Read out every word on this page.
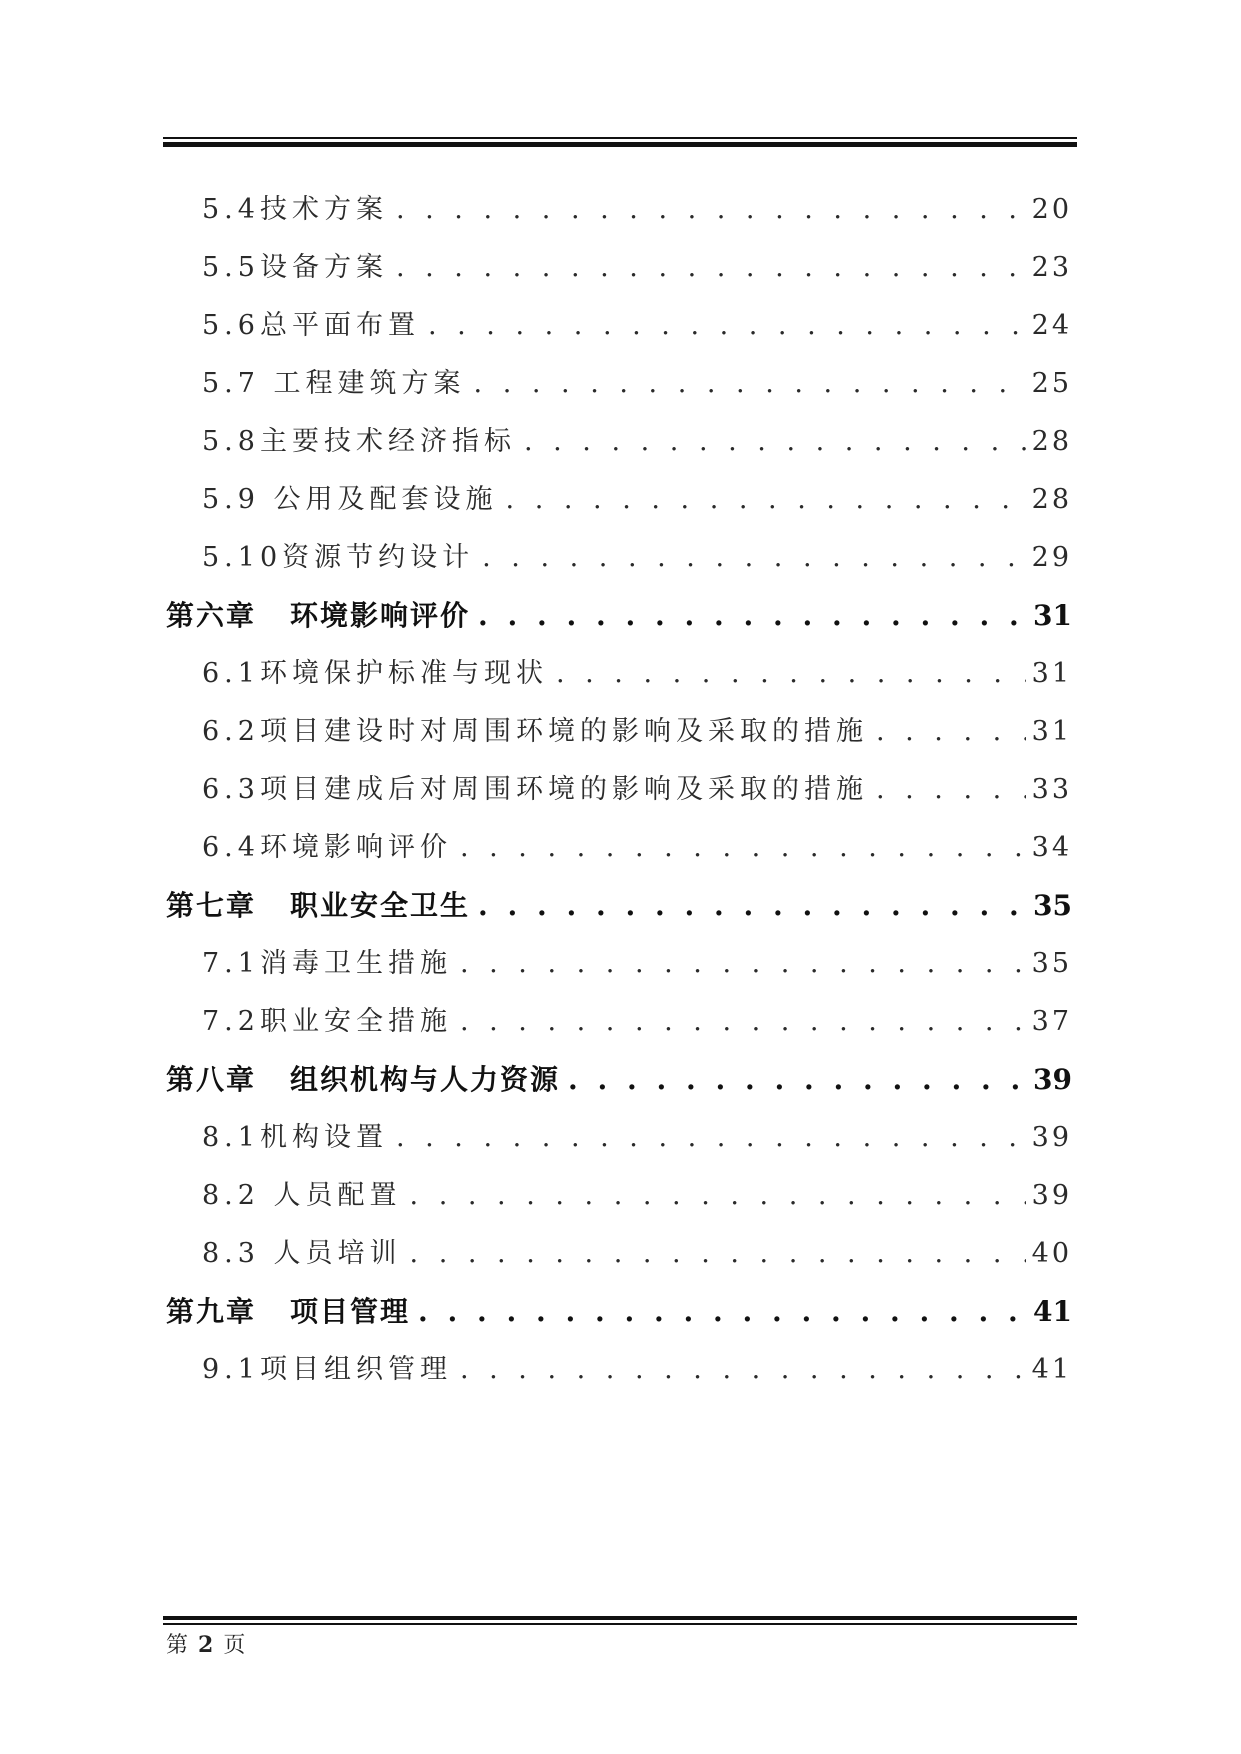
5.4 技术方案 . . .	20
5.5 设备方案 . . .	23
5.6 总平面布置 . . .	24
5.7 工程建筑方案 . . .	25
5.8 主要技术经济指标 . . .	28
5.9 公用及配套设施 . . .	28
5.10 资源节约设计 . . .	29
第六章 环境影响评价 . . .	31
6.1 环境保护标准与现状 . . .	31
6.2 项目建设时对周围环境的影响及采取的措施 . . .	31
6.3 项目建成后对周围环境的影响及采取的措施 . . .	33
6.4 环境影响评价 . . .	34
第七章 职业安全卫生 . . .	35
7.1 消毒卫生措施 . . .	35
7.2 职业安全措施 . . .	37
第八章 组织机构与人力资源 . . .	39
8.1 机构设置 . . .	39
8.2 人员配置 . . .	39
8.3 人员培训 . . .	40
第九章 项目管理 . . .	41
9.1 项目组织管理 . . .	41
第 2 页
